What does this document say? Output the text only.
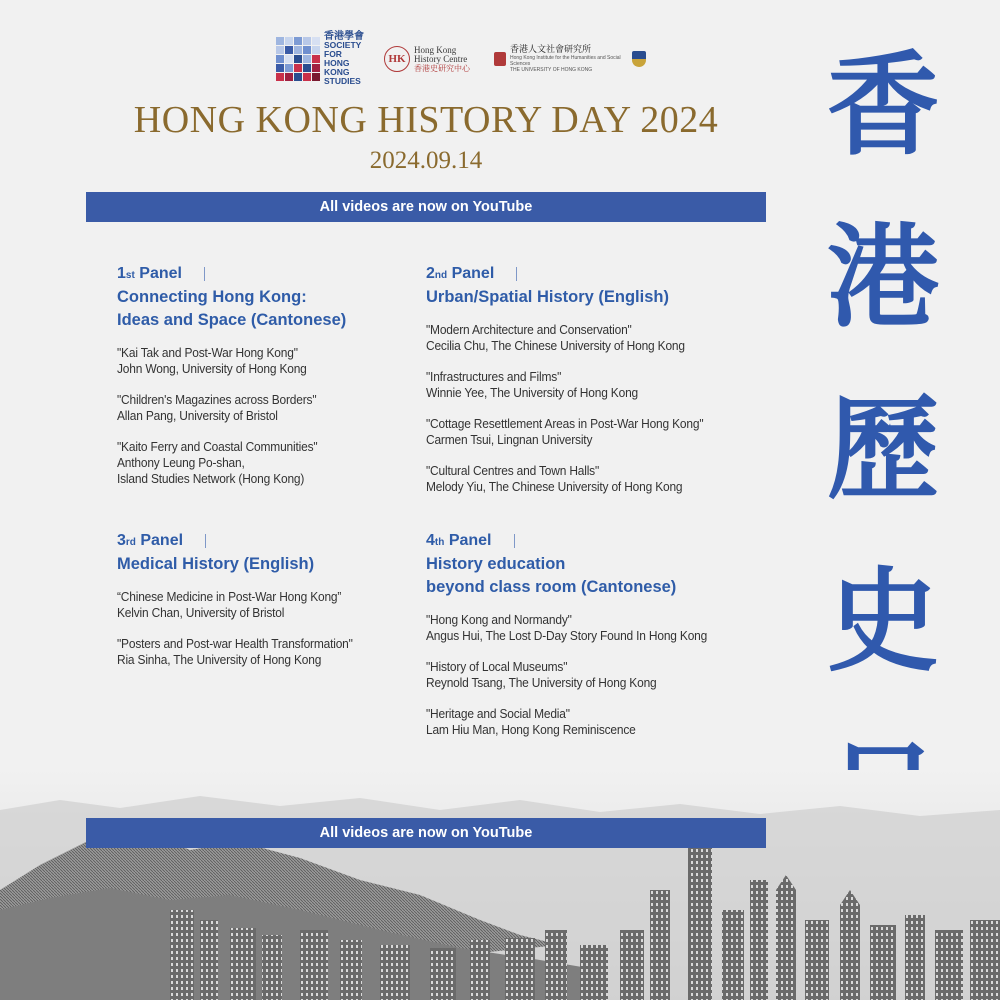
香港學會
SOCIETY FOR
HONG KONG
STUDIES
HK
Hong Kong History Centre
香港史研究中心
香港人文社會研究所
Hong Kong Institute for the Humanities and Social Sciences
THE UNIVERSITY OF HONG KONG
HONG KONG HISTORY DAY 2024
2024.09.14
All videos are now on YouTube
1 st
Panel
Connecting Hong Kong:
Ideas and Space (Cantonese)
"Kai Tak and Post-War Hong Kong"
John Wong, University of Hong Kong
"Children's Magazines across Borders"
Allan Pang, University of Bristol
"Kaito Ferry and Coastal Communities"
Anthony Leung Po-shan,
Island Studies Network (Hong Kong)
2 nd
Panel
Urban/Spatial History (English)
"Modern Architecture and Conservation"
Cecilia Chu, The Chinese University of Hong Kong
"Infrastructures and Films"
Winnie Yee, The University of Hong Kong
"Cottage Resettlement Areas in Post-War Hong Kong"
Carmen Tsui, Lingnan University
"Cultural Centres and Town Halls"
Melody Yiu, The Chinese University of Hong Kong
3 rd
Panel
Medical History (English)
“Chinese Medicine in Post-War Hong Kong”
Kelvin Chan, University of Bristol
"Posters and Post-war Health Transformation"
Ria Sinha, The University of Hong Kong
4 th
Panel
History education
beyond class room (Cantonese)
"Hong Kong and Normandy"
Angus Hui, The Lost D-Day Story Found In Hong Kong
"History of Local Museums"
Reynold Tsang, The University of Hong Kong
"Heritage and Social Media"
Lam Hiu Man, Hong Kong Reminiscence
香
港
歷
史
All videos are now on YouTube
